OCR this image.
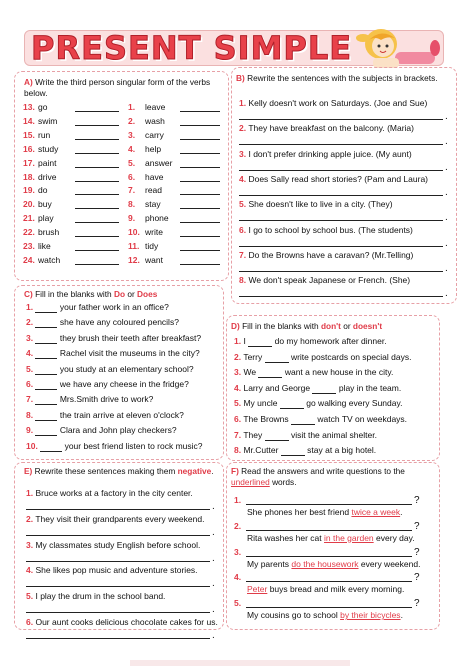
PRESENT SIMPLE
A) Write the third person singular form of the verbs below.
13. go
14. swim
15. run
16. study
17. paint
18. drive
19. do
20. buy
21. play
22. brush
23. like
24. watch
1. leave
2. wash
3. carry
4. help
5. answer
6. have
7. read
8. stay
9. phone
10. write
11. tidy
12. want
B) Rewrite the sentences with the subjects in brackets.
1. Kelly doesn't work on Saturdays. (Joe and Sue)
.
2. They have breakfast on the balcony. (Maria)
.
3. I don't prefer drinking apple juice. (My aunt)
.
4. Does Sally read short stories? (Pam and Laura)
.
5. She doesn't like to live in a city. (They)
.
6. I go to school by school bus. (The students)
.
7. Do the Browns have a caravan? (Mr.Telling)
.
8. We don't speak Japanese or French. (She)
.
C) Fill in the blanks with Do or Does
1.	your father work in an office?
2.	she have any coloured pencils?
3.	they brush their teeth after breakfast?
4.	Rachel visit the museums in the city?
5.	you study at an elementary school?
6.	we have any cheese in the fridge?
7.	Mrs.Smith drive to work?
8.	the train arrive at eleven o'clock?
9.	Clara and John play checkers?
10.	your best friend listen to rock music?
D) Fill in the blanks with don't or doesn't
1. I	do my homework after dinner.
2. Terry	write postcards on special days.
3. We	want a new house in the city.
4. Larry and George	play in the team.
5. My uncle	go walking every Sunday.
6. The Browns	watch TV on weekdays.
7. They	visit the animal shelter.
8. Mr.Cutter	stay at a big hotel.
E) Rewrite these sentences making them negative.
1. Bruce works at a factory in the city center.
.
2. They visit their grandparents every weekend.
.
3. My classmates study English before school.
.
4. She likes pop music and adventure stories.
.
5. I play the drum in the school band.
.
6. Our aunt cooks delicious chocolate cakes for us.
.
F) Read the answers and write questions to the underlined words.
1.	?
She phones her best friend twice a week.
2.	?
Rita washes her cat in the garden every day.
3.	?
My parents do the housework every weekend.
4.	?
Peter buys bread and milk every morning.
5.	?
My cousins go to school by their bicycles.
